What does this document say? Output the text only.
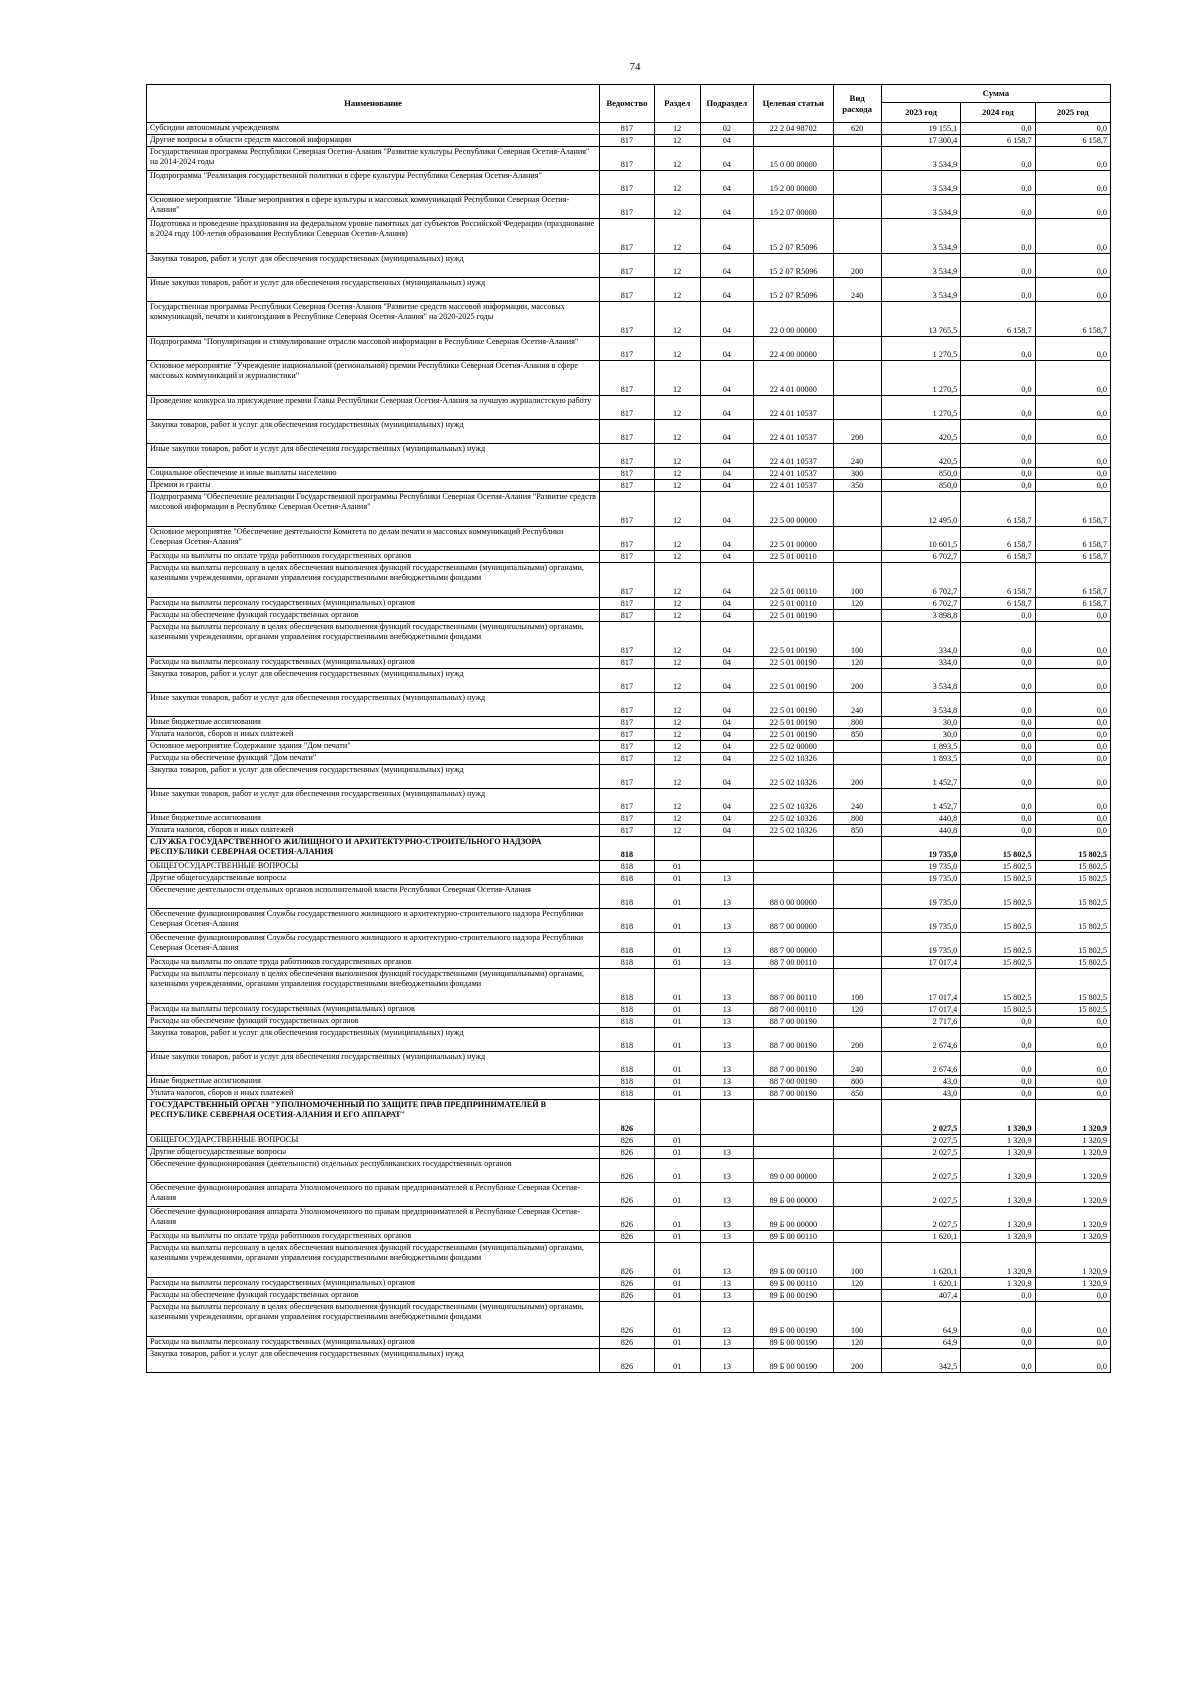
74
Наименование	Ведомство	Раздел	Подраздел	Целевая статьи	Вид расхода	Сумма		
						2023 год	2024 год	2025 год
Субсидии автономным учреждениям	817	12	02	22 2 04 98702	620	19 155,1	0,0	0,0
Другие вопросы в области средств массовой информации	817	12	04			17 300,4	6 158,7	6 158,7
Государственная программа Республики Северная Осетия-Алания "Развитие культуры Республики Северная Осетия-Алания" на 2014-2024 годы	817	12	04	15 0 00 00000		3 534,9	0,0	0,0
Подпрограмма "Реализация государственной политики в сфере культуры Республики Северная Осетия-Алания"	817	12	04	15 2 00 00000		3 534,9	0,0	0,0
Основное мероприятие "Иные мероприятия в сфере культуры и массовых коммуникаций Республики Северная Осетия-Алания"	817	12	04	15 2 07 00000		3 534,9	0,0	0,0
Подготовка и проведение празднования на федеральном уровне памятных дат субъектов Российской Федерации (празднование в 2024 году 100-летия образования Республики Северная Осетия-Алания)	817	12	04	15 2 07 R5096		3 534,9	0,0	0,0
Закупка товаров, работ и услуг для обеспечения государственных (муниципальных) нужд	817	12	04	15 2 07 R5096	200	3 534,9	0,0	0,0
Иные закупки товаров, работ и услуг для обеспечения государственных (муниципальных) нужд	817	12	04	15 2 07 R5096	240	3 534,9	0,0	0,0
Государственная программа Республики Северная Осетия-Алания "Развитие средств массовой информации, массовых коммуникаций, печати и книгоиздания в Республике Северная Осетия-Алания" на 2020-2025 годы	817	12	04	22 0 00 00000		13 765,5	6 158,7	6 158,7
Подпрограмма "Популяризация и стимулирование отрасли массовой информации в Республике Северная Осетия-Алания"	817	12	04	22 4 00 00000		1 270,5	0,0	0,0
Основное мероприятие "Учреждение национальной (региональной) премии Республики Северная Осетия-Алания в сфере массовых коммуникаций и журналистики"	817	12	04	22 4 01 00000		1 270,5	0,0	0,0
Проведение конкурса на присуждение премии Главы Республики Северная Осетия-Алания за лучшую журналистскую работу	817	12	04	22 4 01 10537		1 270,5	0,0	0,0
Закупка товаров, работ и услуг для обеспечения государственных (муниципальных) нужд	817	12	04	22 4 01 10537	200	420,5	0,0	0,0
Иные закупки товаров, работ и услуг для обеспечения государственных (муниципальных) нужд	817	12	04	22 4 01 10537	240	420,5	0,0	0,0
Социальное обеспечение и иные выплаты населению	817	12	04	22 4 01 10537	300	850,0	0,0	0,0
Премии и гранты	817	12	04	22 4 01 10537	350	850,0	0,0	0,0
Подпрограмма "Обеспечение реализации Государственной программы Республики Северная Осетия-Алания "Развитие средств массовой информации в Республике Северная Осетия-Алания"	817	12	04	22 5 00 00000		12 495,0	6 158,7	6 158,7
Основное мероприятие "Обеспечение деятельности Комитета по делам печати и массовых коммуникаций Республики Северная Осетия-Алания"	817	12	04	22 5 01 00000		10 601,5	6 158,7	6 158,7
Расходы на выплаты по оплате труда работников государственных органов	817	12	04	22 5 01 00110		6 702,7	6 158,7	6 158,7
Расходы на выплаты персоналу в целях обеспечения выполнения функций государственными (муниципальными) органами, казенными учреждениями, органами управления государственными внебюджетными фондами	817	12	04	22 5 01 00110	100	6 702,7	6 158,7	6 158,7
Расходы на выплаты персоналу государственных (муниципальных) органов	817	12	04	22 5 01 00110	120	6 702,7	6 158,7	6 158,7
Расходы на обеспечение функций государственных органов	817	12	04	22 5 01 00190		3 898,8	0,0	0,0
Расходы на выплаты персоналу в целях обеспечения выполнения функций государственными (муниципальными) органами, казенными учреждениями, органами управления государственными внебюджетными фондами	817	12	04	22 5 01 00190	100	334,0	0,0	0,0
Расходы на выплаты персоналу государственных (муниципальных) органов	817	12	04	22 5 01 00190	120	334,0	0,0	0,0
Закупка товаров, работ и услуг для обеспечения государственных (муниципальных) нужд	817	12	04	22 5 01 00190	200	3 534,8	0,0	0,0
Иные закупки товаров, работ и услуг для обеспечения государственных (муниципальных) нужд	817	12	04	22 5 01 00190	240	3 534,8	0,0	0,0
Иные бюджетные ассигнования	817	12	04	22 5 01 00190	800	30,0	0,0	0,0
Уплата налогов, сборов и иных платежей	817	12	04	22 5 01 00190	850	30,0	0,0	0,0
Основное мероприятие Содержание здания "Дом печати"	817	12	04	22 5 02 00000		1 893,5	0,0	0,0
Расходы на обеспечение функций "Дом печати"	817	12	04	22 5 02 10326		1 893,5	0,0	0,0
Закупка товаров, работ и услуг для обеспечения государственных (муниципальных) нужд	817	12	04	22 5 02 10326	200	1 452,7	0,0	0,0
Иные закупки товаров, работ и услуг для обеспечения государственных (муниципальных) нужд	817	12	04	22 5 02 10326	240	1 452,7	0,0	0,0
Иные бюджетные ассигнования	817	12	04	22 5 02 10326	800	440,8	0,0	0,0
Уплата налогов, сборов и иных платежей	817	12	04	22 5 02 10326	850	440,8	0,0	0,0
СЛУЖБА ГОСУДАРСТВЕННОГО ЖИЛИЩНОГО И АРХИТЕКТУРНО-СТРОИТЕЛЬНОГО НАДЗОРА РЕСПУБЛИКИ СЕВЕРНАЯ ОСЕТИЯ-АЛАНИЯ	818					19 735,0	15 802,5	15 802,5
ОБЩЕГОСУДАРСТВЕННЫЕ ВОПРОСЫ	818	01				19 735,0	15 802,5	15 802,5
Другие общегосударственные вопросы	818	01	13			19 735,0	15 802,5	15 802,5
Обеспечение деятельности отдельных органов исполнительной власти Республики Северная Осетия-Алания	818	01	13	88 0 00 00000		19 735,0	15 802,5	15 802,5
Обеспечение функционирования Службы государственного жилищного и архитектурно-строительного надзора Республики Северная Осетия-Алания	818	01	13	88 7 00 00000		19 735,0	15 802,5	15 802,5
Обеспечение функционирования Службы государственного жилищного и архитектурно-строительного надзора Республики Северная Осетия-Алания	818	01	13	88 7 00 00000		19 735,0	15 802,5	15 802,5
Расходы на выплаты по оплате труда работников государственных органов	818	01	13	88 7 00 00110		17 017,4	15 802,5	15 802,5
Расходы на выплаты персоналу в целях обеспечения выполнения функций государственными (муниципальными) органами, казенными учреждениями, органами управления государственными внебюджетными фондами	818	01	13	88 7 00 00110	100	17 017,4	15 802,5	15 802,5
Расходы на выплаты персоналу государственных (муниципальных) органов	818	01	13	88 7 00 00110	120	17 017,4	15 802,5	15 802,5
Расходы на обеспечение функций государственных органов	818	01	13	88 7 00 00190		2 717,6	0,0	0,0
Закупка товаров, работ и услуг для обеспечения государственных (муниципальных) нужд	818	01	13	88 7 00 00190	200	2 674,6	0,0	0,0
Иные закупки товаров, работ и услуг для обеспечения государственных (муниципальных) нужд	818	01	13	88 7 00 00190	240	2 674,6	0,0	0,0
Иные бюджетные ассигнования	818	01	13	88 7 00 00190	800	43,0	0,0	0,0
Уплата налогов, сборов и иных платежей	818	01	13	88 7 00 00190	850	43,0	0,0	0,0
ГОСУДАРСТВЕННЫЙ ОРГАН "УПОЛНОМОЧЕННЫЙ ПО ЗАЩИТЕ ПРАВ ПРЕДПРИНИМАТЕЛЕЙ В РЕСПУБЛИКЕ СЕВЕРНАЯ ОСЕТИЯ-АЛАНИЯ И ЕГО АППАРАТ"	826					2 027,5	1 320,9	1 320,9
ОБЩЕГОСУДАРСТВЕННЫЕ ВОПРОСЫ	826	01				2 027,5	1 320,9	1 320,9
Другие общегосударственные вопросы	826	01	13			2 027,5	1 320,9	1 320,9
Обеспечение функционирования (деятельности) отдельных республиканских государственных органов	826	01	13	89 0 00 00000		2 027,5	1 320,9	1 320,9
Обеспечение функционирования аппарата Уполномоченного по правам предпринимателей в Республике Северная Осетия-Алания	826	01	13	89 Б 00 00000		2 027,5	1 320,9	1 320,9
Обеспечение функционирования аппарата Уполномоченного по правам предпринимателей в Республике Северная Осетия-Алания	826	01	13	89 Б 00 00000		2 027,5	1 320,9	1 320,9
Расходы на выплаты по оплате труда работников государственных органов	826	01	13	89 Б 00 00110		1 620,1	1 320,9	1 320,9
Расходы на выплаты персоналу в целях обеспечения выполнения функций государственными (муниципальными) органами, казенными учреждениями, органами управления государственными внебюджетными фондами	826	01	13	89 Б 00 00110	100	1 620,1	1 320,9	1 320,9
Расходы на выплаты персоналу государственных (муниципальных) органов	826	01	13	89 Б 00 00110	120	1 620,1	1 320,9	1 320,9
Расходы на обеспечение функций государственных органов	826	01	13	89 Б 00 00190		407,4	0,0	0,0
Расходы на выплаты персоналу в целях обеспечения выполнения функций государственными (муниципальными) органами, казенными учреждениями, органами управления государственными внебюджетными фондами	826	01	13	89 Б 00 00190	100	64,9	0,0	0,0
Расходы на выплаты персоналу государственных (муниципальных) органов	826	01	13	89 Б 00 00190	120	64,9	0,0	0,0
Закупка товаров, работ и услуг для обеспечения государственных (муниципальных) нужд	826	01	13	89 Б 00 00190	200	342,5	0,0	0,0
